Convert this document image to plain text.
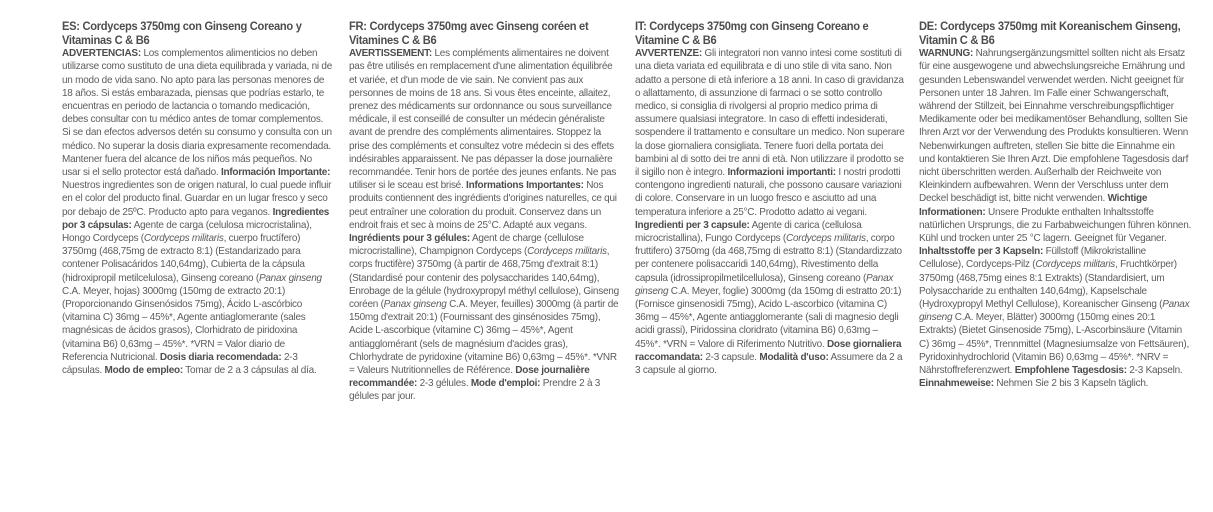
ES: Cordyceps 3750mg con Ginseng Coreano y Vitaminas C & B6

ADVERTENCIAS: Los complementos alimenticios no deben utilizarse como sustituto de una dieta equilibrada y variada, ni de un modo de vida sano. No apto para las personas menores de 18 años. Si estás embarazada, piensas que podrías estarlo, te encuentras en periodo de lactancia o tomando medicación, debes consultar con tu médico antes de tomar complementos. Si se dan efectos adversos detén su consumo y consulta con un médico. No superar la dosis diaria expresamente recomendada. Mantener fuera del alcance de los niños más pequeños. No usar si el sello protector está dañado. Información Importante: Nuestros ingredientes son de origen natural, lo cual puede influir en el color del producto final. Guardar en un lugar fresco y seco por debajo de 25ºC. Producto apto para veganos. Ingredientes por 3 cápsulas: Agente de carga (celulosa microcristalina), Hongo Cordyceps (Cordyceps militaris, cuerpo fructífero) 3750mg (468,75mg de extracto 8:1) (Estandarizado para contener Polisacáridos 140,64mg), Cubierta de la cápsula (hidroxipropil metilcelulosa), Ginseng coreano (Panax ginseng C.A. Meyer, hojas) 3000mg (150mg de extracto 20:1) (Proporcionando Ginsenósidos 75mg), Ácido L-ascórbico (vitamina C) 36mg – 45%*, Agente antiaglomerante (sales magnésicas de ácidos grasos), Clorhidrato de piridoxina (vitamina B6) 0,63mg – 45%*. *VRN = Valor diario de Referencia Nutricional. Dosis diaria recomendada: 2-3 cápsulas. Modo de empleo: Tomar de 2 a 3 cápsulas al día.

FR: Cordyceps 3750mg avec Ginseng coréen et Vitamines C & B6

AVERTISSEMENT: Les compléments alimentaires ne doivent pas être utilisés en remplacement d'une alimentation équilibrée et variée, et d'un mode de vie sain. Ne convient pas aux personnes de moins de 18 ans. Si vous êtes enceinte, allaitez, prenez des médicaments sur ordonnance ou sous surveillance médicale, il est conseillé de consulter un médecin généraliste avant de prendre des compléments alimentaires. Stoppez la prise des compléments et consultez votre médecin si des effets indésirables apparaissent. Ne pas dépasser la dose journalière recommandée. Tenir hors de portée des jeunes enfants. Ne pas utiliser si le sceau est brisé. Informations Importantes: Nos produits contiennent des ingrédients d'origines naturelles, ce qui peut entraîner une coloration du produit. Conservez dans un endroit frais et sec à moins de 25°C. Adapté aux vegans. Ingrédients pour 3 gélules: Agent de charge (cellulose microcristalline), Champignon Cordyceps (Cordyceps militaris, corps fructifère) 3750mg (à partir de 468,75mg d'extrait 8:1) (Standardisé pour contenir des polysaccharides 140,64mg), Enrobage de la gélule (hydroxypropyl méthyl cellulose), Ginseng coréen (Panax ginseng C.A. Meyer, feuilles) 3000mg (à partir de 150mg d'extrait 20:1) (Fournissant des ginsénosides 75mg), Acide L-ascorbique (vitamine C) 36mg – 45%*, Agent antiagglomérant (sels de magnésium d'acides gras), Chlorhydrate de pyridoxine (vitamine B6) 0,63mg – 45%*. *VNR = Valeurs Nutritionnelles de Référence. Dose journalière recommandée: 2-3 gélules. Mode d'emploi: Prendre 2 à 3 gélules par jour.

IT: Cordyceps 3750mg con Ginseng Coreano e Vitamine C & B6

AVVERTENZE: Gli integratori non vanno intesi come sostituti di una dieta variata ed equilibrata e di uno stile di vita sano. Non adatto a persone di età inferiore a 18 anni. In caso di gravidanza o allattamento, di assunzione di farmaci o se sotto controllo medico, si consiglia di rivolgersi al proprio medico prima di assumere qualsiasi integratore. In caso di effetti indesiderati, sospendere il trattamento e consultare un medico. Non superare la dose giornaliera consigliata. Tenere fuori della portata dei bambini al di sotto dei tre anni di età. Non utilizzare il prodotto se il sigillo non è integro. Informazioni importanti: I nostri prodotti contengono ingredienti naturali, che possono causare variazioni di colore. Conservare in un luogo fresco e asciutto ad una temperatura inferiore a 25°C. Prodotto adatto ai vegani. Ingredienti per 3 capsule: Agente di carica (cellulosa microcristallina), Fungo Cordyceps (Cordyceps militaris, corpo fruttifero) 3750mg (da 468,75mg di estratto 8:1) (Standardizzato per contenere polisaccaridi 140,64mg), Rivestimento della capsula (idrossipropilmetilcellulosa), Ginseng coreano (Panax ginseng C.A. Meyer, foglie) 3000mg (da 150mg di estratto 20:1) (Fornisce ginsenosidi 75mg), Acido L-ascorbico (vitamina C) 36mg – 45%*, Agente antiagglomerante (sali di magnesio degli acidi grassi), Piridossina cloridrato (vitamina B6) 0,63mg – 45%*. *VRN = Valore di Riferimento Nutritivo. Dose giornaliera raccomandata: 2-3 capsule. Modalità d'uso: Assumere da 2 a 3 capsule al giorno.

DE: Cordyceps 3750mg mit Koreanischem Ginseng, Vitamin C & B6

WARNUNG: Nahrungsergänzungsmittel sollten nicht als Ersatz für eine ausgewogene und abwechslungsreiche Ernährung und gesunden Lebenswandel verwendet werden. Nicht geeignet für Personen unter 18 Jahren. Im Falle einer Schwangerschaft, während der Stillzeit, bei Einnahme verschreibungspflichtiger Medikamente oder bei medikamentöser Behandlung, sollten Sie Ihren Arzt vor der Verwendung des Produkts konsultieren. Wenn Nebenwirkungen auftreten, stellen Sie bitte die Einnahme ein und kontaktieren Sie Ihren Arzt. Die empfohlene Tagesdosis darf nicht überschritten werden. Außerhalb der Reichweite von Kleinkindern aufbewahren. Wenn der Verschluss unter dem Deckel beschädigt ist, bitte nicht verwenden. Wichtige Informationen: Unsere Produkte enthalten Inhaltsstoffe natürlichen Ursprungs, die zu Farbabweichungen führen können. Kühl und trocken unter 25 °C lagern. Geeignet für Veganer. Inhaltsstoffe per 3 Kapseln: Füllstoff (Mikrokristalline Cellulose), Cordyceps-Pilz (Cordyceps militaris, Fruchtkörper) 3750mg (468,75mg eines 8:1 Extrakts) (Standardisiert, um Polysaccharide zu enthalten 140,64mg), Kapselschale (Hydroxypropyl Methyl Cellulose), Koreanischer Ginseng (Panax ginseng C.A. Meyer, Blätter) 3000mg (150mg eines 20:1 Extrakts) (Bietet Ginsenoside 75mg), L-Ascorbinsäure (Vitamin C) 36mg – 45%*, Trennmittel (Magnesiumsalze von Fettsäuren), Pyridoxinhydrochlorid (Vitamin B6) 0,63mg – 45%*. *NRV = Nährstoffreferenzwert. Empfohlene Tagesdosis: 2-3 Kapseln. Einnahmeweise: Nehmen Sie 2 bis 3 Kapseln täglich.
